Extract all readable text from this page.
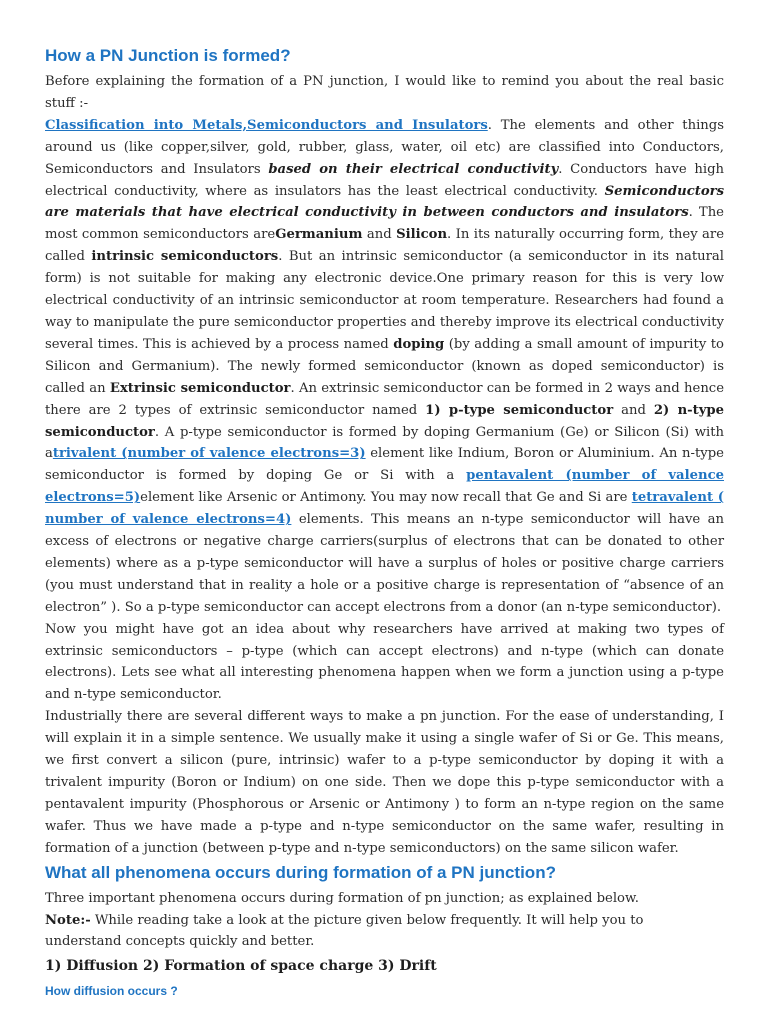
How a PN Junction is formed?

Before explaining the formation of a PN junction, I would like to remind you about the real basic stuff :-
Classification into Metals,Semiconductors and Insulators. The elements and other things around us (like copper,silver, gold, rubber, glass, water, oil etc) are classified into Conductors, Semiconductors and Insulators based on their electrical conductivity. Conductors have high electrical conductivity, where as insulators has the least electrical conductivity. Semiconductors are materials that have electrical conductivity in between conductors and insulators. The most common semiconductors areGermanium and Silicon. In its naturally occurring form, they are called intrinsic semiconductors. But an intrinsic semiconductor (a semiconductor in its natural form) is not suitable for making any electronic device.One primary reason for this is very low electrical conductivity of an intrinsic semiconductor at room temperature. Researchers had found a way to manipulate the pure semiconductor properties and thereby improve its electrical conductivity several times. This is achieved by a process named doping (by adding a small amount of impurity to Silicon and Germanium). The newly formed semiconductor (known as doped semiconductor) is called an Extrinsic semiconductor. An extrinsic semiconductor can be formed in 2 ways and hence there are 2 types of extrinsic semiconductor named 1) p-type semiconductor and 2) n-type semiconductor. A p-type semiconductor is formed by doping Germanium (Ge) or Silicon (Si) with atrivalent (number of valence electrons=3) element like Indium, Boron or Aluminium. An n-type semiconductor is formed by doping Ge or Si with a pentavalent (number of valence electrons=5)element like Arsenic or Antimony. You may now recall that Ge and Si are tetravalent ( number of valence electrons=4) elements. This means an n-type semiconductor will have an excess of electrons or negative charge carriers(surplus of electrons that can be donated to other elements) where as a p-type semiconductor will have a surplus of holes or positive charge carriers (you must understand that in reality a hole or a positive charge is representation of “absence of an electron” ). So a p-type semiconductor can accept electrons from a donor (an n-type semiconductor).

Now you might have got an idea about why researchers have arrived at making two types of extrinsic semiconductors – p-type (which can accept electrons) and n-type (which can donate electrons). Lets see what all interesting phenomena happen when we form a junction using a p-type and n-type semiconductor.

Industrially there are several different ways to make a pn junction. For the ease of understanding, I will explain it in a simple sentence. We usually make it using a single wafer of Si or Ge. This means, we first convert a silicon (pure, intrinsic) wafer to a p-type semiconductor by doping it with a trivalent impurity (Boron or Indium) on one side. Then we dope this p-type semiconductor with a pentavalent impurity (Phosphorous or Arsenic or Antimony ) to form an n-type region on the same wafer. Thus we have made a p-type and n-type semiconductor on the same wafer, resulting in formation of a junction (between p-type and n-type semiconductors) on the same silicon wafer.

What all phenomena occurs during formation of a PN junction?

Three important phenomena occurs during formation of pn junction; as explained below.

Note:- While reading take a look at the picture given below frequently. It will help you to understand concepts quickly and better.

1) Diffusion 2) Formation of space charge 3) Drift
How diffusion occurs ?
